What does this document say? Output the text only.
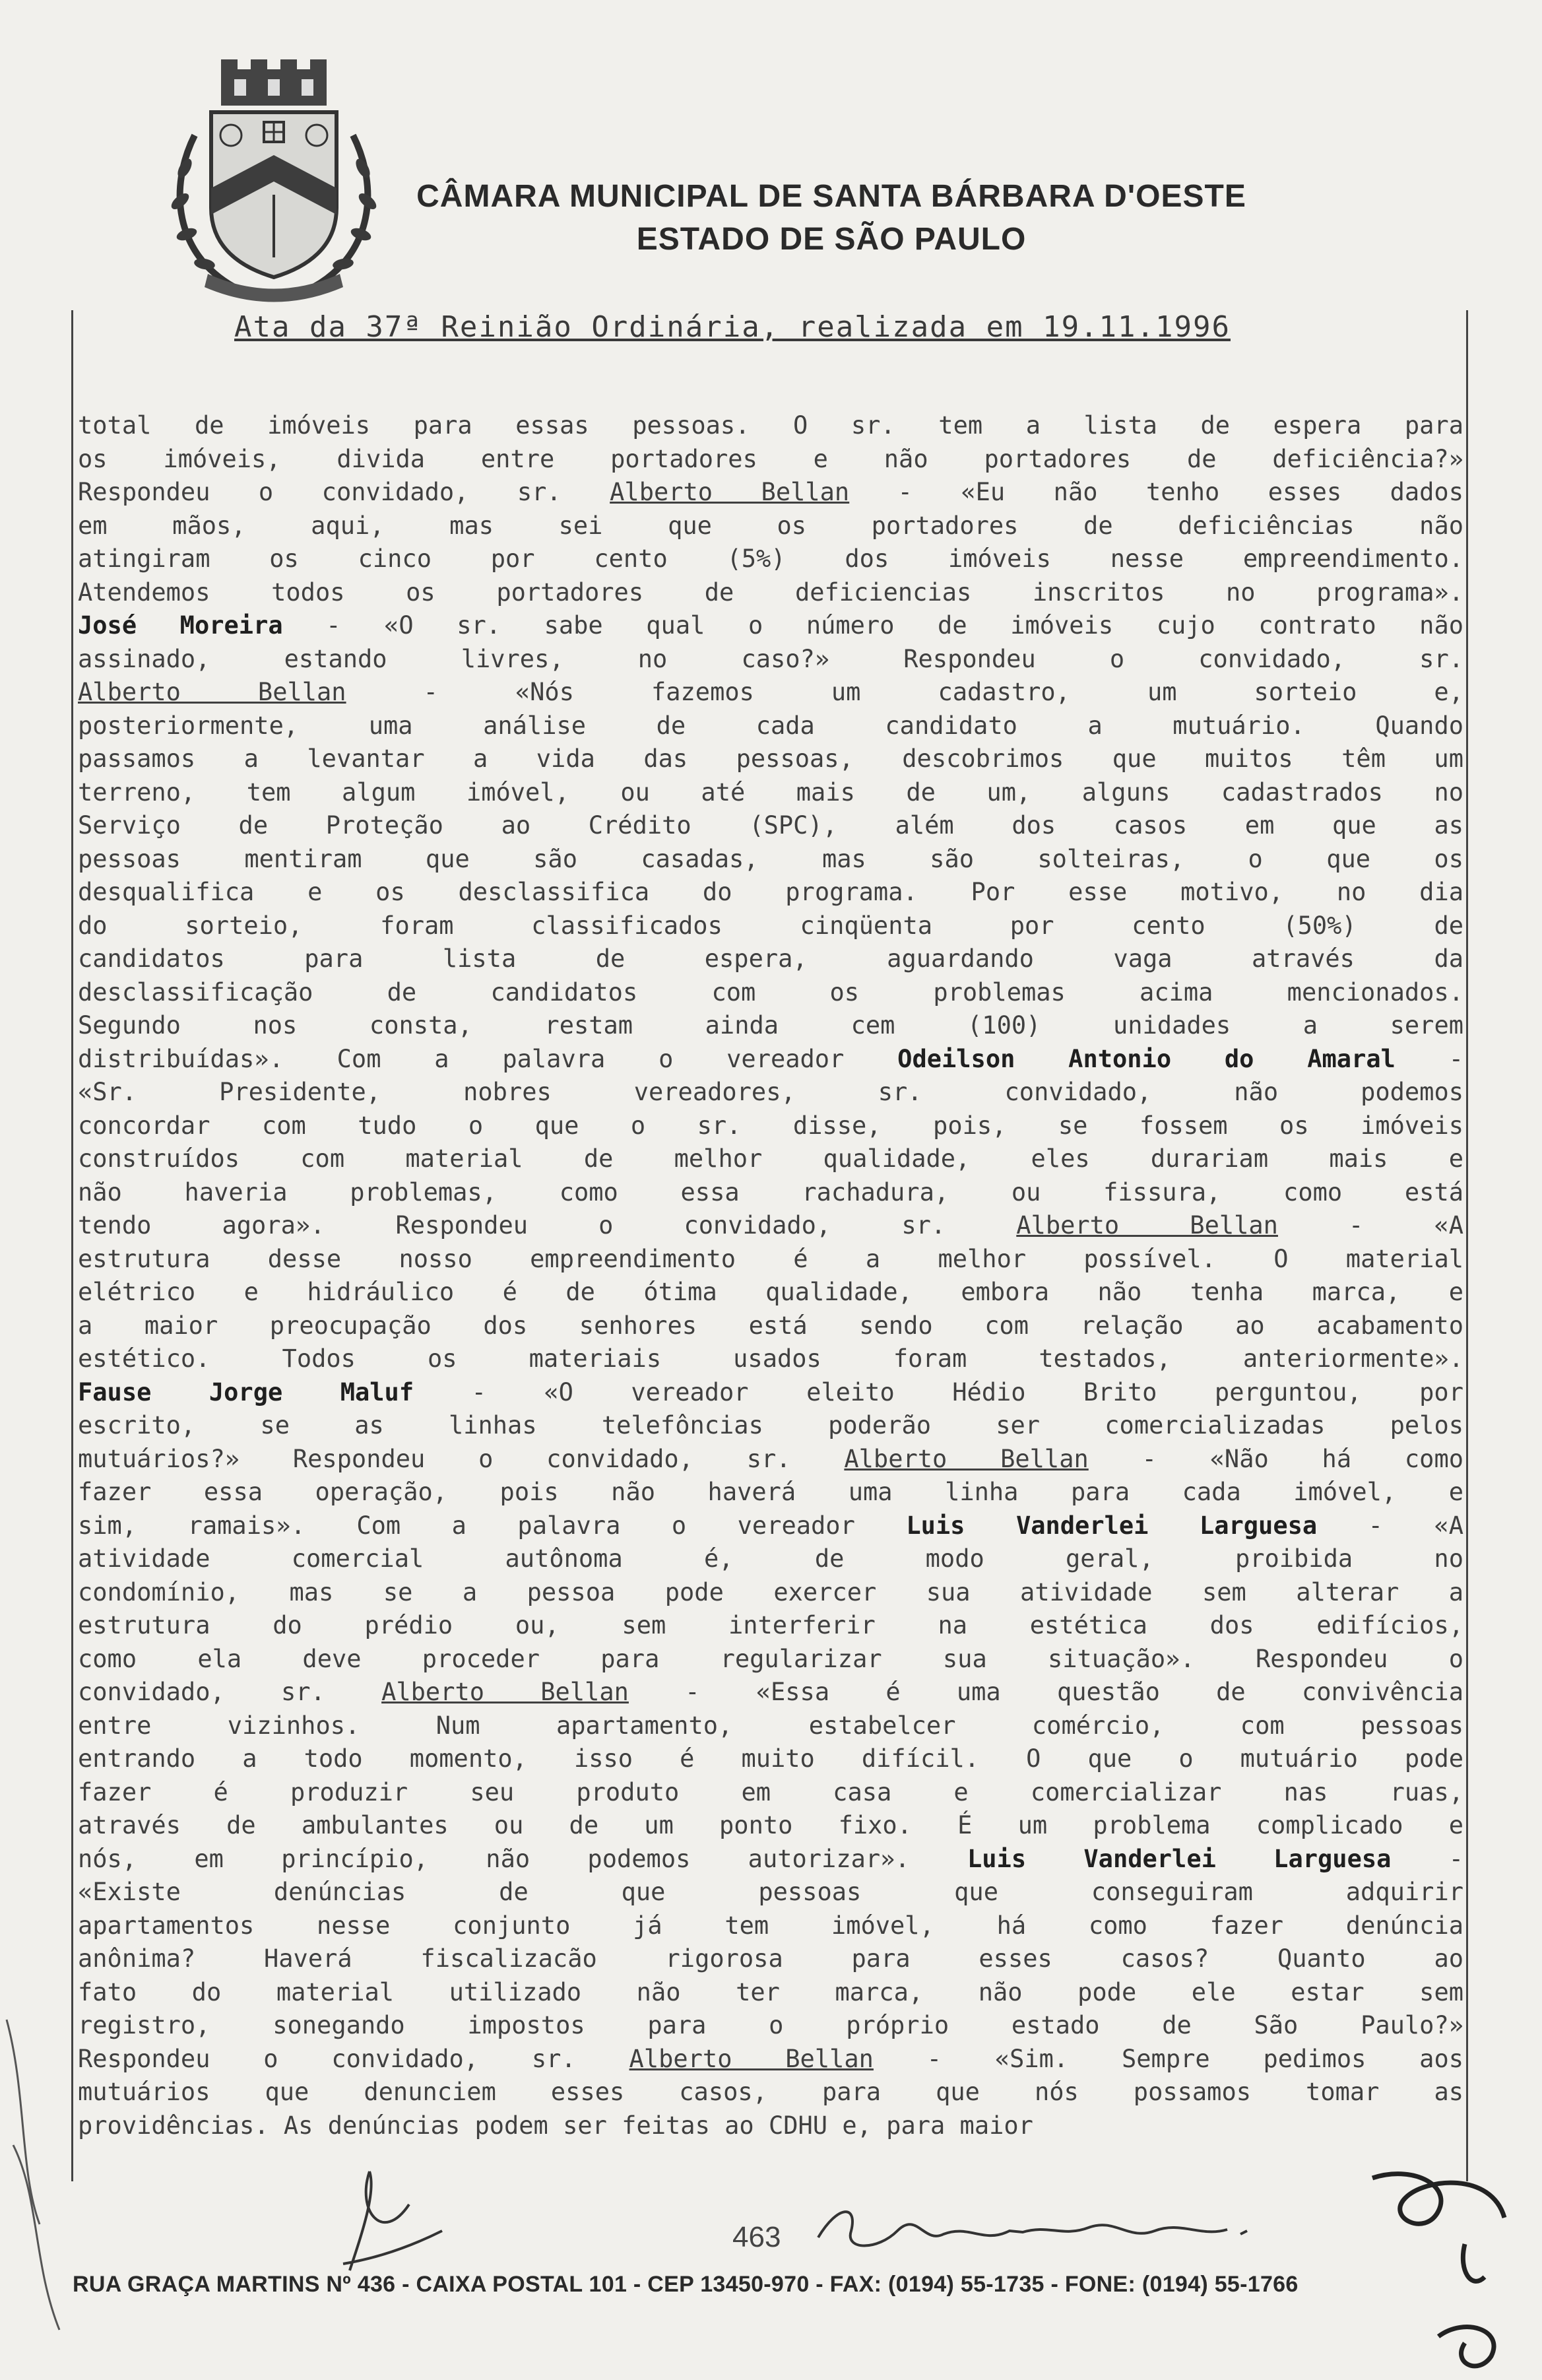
CÂMARA MUNICIPAL DE SANTA BÁRBARA D'OESTE
ESTADO DE SÃO PAULO
Ata da 37ª Reinião Ordinária, realizada em 19.11.1996
total de imóveis para essas pessoas. O sr. tem a lista de espera para
os imóveis, divida entre portadores e não portadores de deficiência?»
Respondeu o convidado, sr. Alberto Bellan - «Eu não tenho esses dados
em mãos, aqui, mas sei que os portadores de deficiências não
atingiram os cinco por cento (5%) dos imóveis nesse empreendimento.
Atendemos todos os portadores de deficiencias inscritos no programa».
José Moreira - «O sr. sabe qual o número de imóveis cujo contrato não
assinado, estando livres, no caso?» Respondeu o convidado, sr.
Alberto Bellan - «Nós fazemos um cadastro, um sorteio e,
posteriormente, uma análise de cada candidato a mutuário. Quando
passamos a levantar a vida das pessoas, descobrimos que muitos têm um
terreno, tem algum imóvel, ou até mais de um, alguns cadastrados no
Serviço de Proteção ao Crédito (SPC), além dos casos em que as
pessoas mentiram que são casadas, mas são solteiras, o que os
desqualifica e os desclassifica do programa. Por esse motivo, no dia
do sorteio, foram classificados cinqüenta por cento (50%) de
candidatos para lista de espera, aguardando vaga através da
desclassificação de candidatos com os problemas acima mencionados.
Segundo nos consta, restam ainda cem (100) unidades a serem
distribuídas». Com a palavra o vereador Odeilson Antonio do Amaral -
«Sr. Presidente, nobres vereadores, sr. convidado, não podemos
concordar com tudo o que o sr. disse, pois, se fossem os imóveis
construídos com material de melhor qualidade, eles durariam mais e
não haveria problemas, como essa rachadura, ou fissura, como está
tendo agora». Respondeu o convidado, sr. Alberto Bellan - «A
estrutura desse nosso empreendimento é a melhor possível. O material
elétrico e hidráulico é de ótima qualidade, embora não tenha marca, e
a maior preocupação dos senhores está sendo com relação ao acabamento
estético. Todos os materiais usados foram testados, anteriormente».
Fause Jorge Maluf - «O vereador eleito Hédio Brito perguntou, por
escrito, se as linhas telefôncias poderão ser comercializadas pelos
mutuários?» Respondeu o convidado, sr. Alberto Bellan - «Não há como
fazer essa operação, pois não haverá uma linha para cada imóvel, e
sim, ramais». Com a palavra o vereador Luis Vanderlei Larguesa - «A
atividade comercial autônoma é, de modo geral, proibida no
condomínio, mas se a pessoa pode exercer sua atividade sem alterar a
estrutura do prédio ou, sem interferir na estética dos edifícios,
como ela deve proceder para regularizar sua situação». Respondeu o
convidado, sr. Alberto Bellan - «Essa é uma questão de convivência
entre vizinhos. Num apartamento, estabelcer comércio, com pessoas
entrando a todo momento, isso é muito difícil. O que o mutuário pode
fazer é produzir seu produto em casa e comercializar nas ruas,
através de ambulantes ou de um ponto fixo. É um problema complicado e
nós, em princípio, não podemos autorizar». Luis Vanderlei Larguesa -
«Existe denúncias de que pessoas que conseguiram adquirir
apartamentos nesse conjunto já tem imóvel, há como fazer denúncia
anônima? Haverá fiscalizacão rigorosa para esses casos? Quanto ao
fato do material utilizado não ter marca, não pode ele estar sem
registro, sonegando impostos para o próprio estado de São Paulo?»
Respondeu o convidado, sr. Alberto Bellan - «Sim. Sempre pedimos aos
mutuários que denunciem esses casos, para que nós possamos tomar as
providências. As denúncias podem ser feitas ao CDHU e, para maior
463
RUA GRAÇA MARTINS Nº 436 - CAIXA POSTAL 101 - CEP 13450-970 - FAX: (0194) 55-1735 - FONE: (0194) 55-1766
